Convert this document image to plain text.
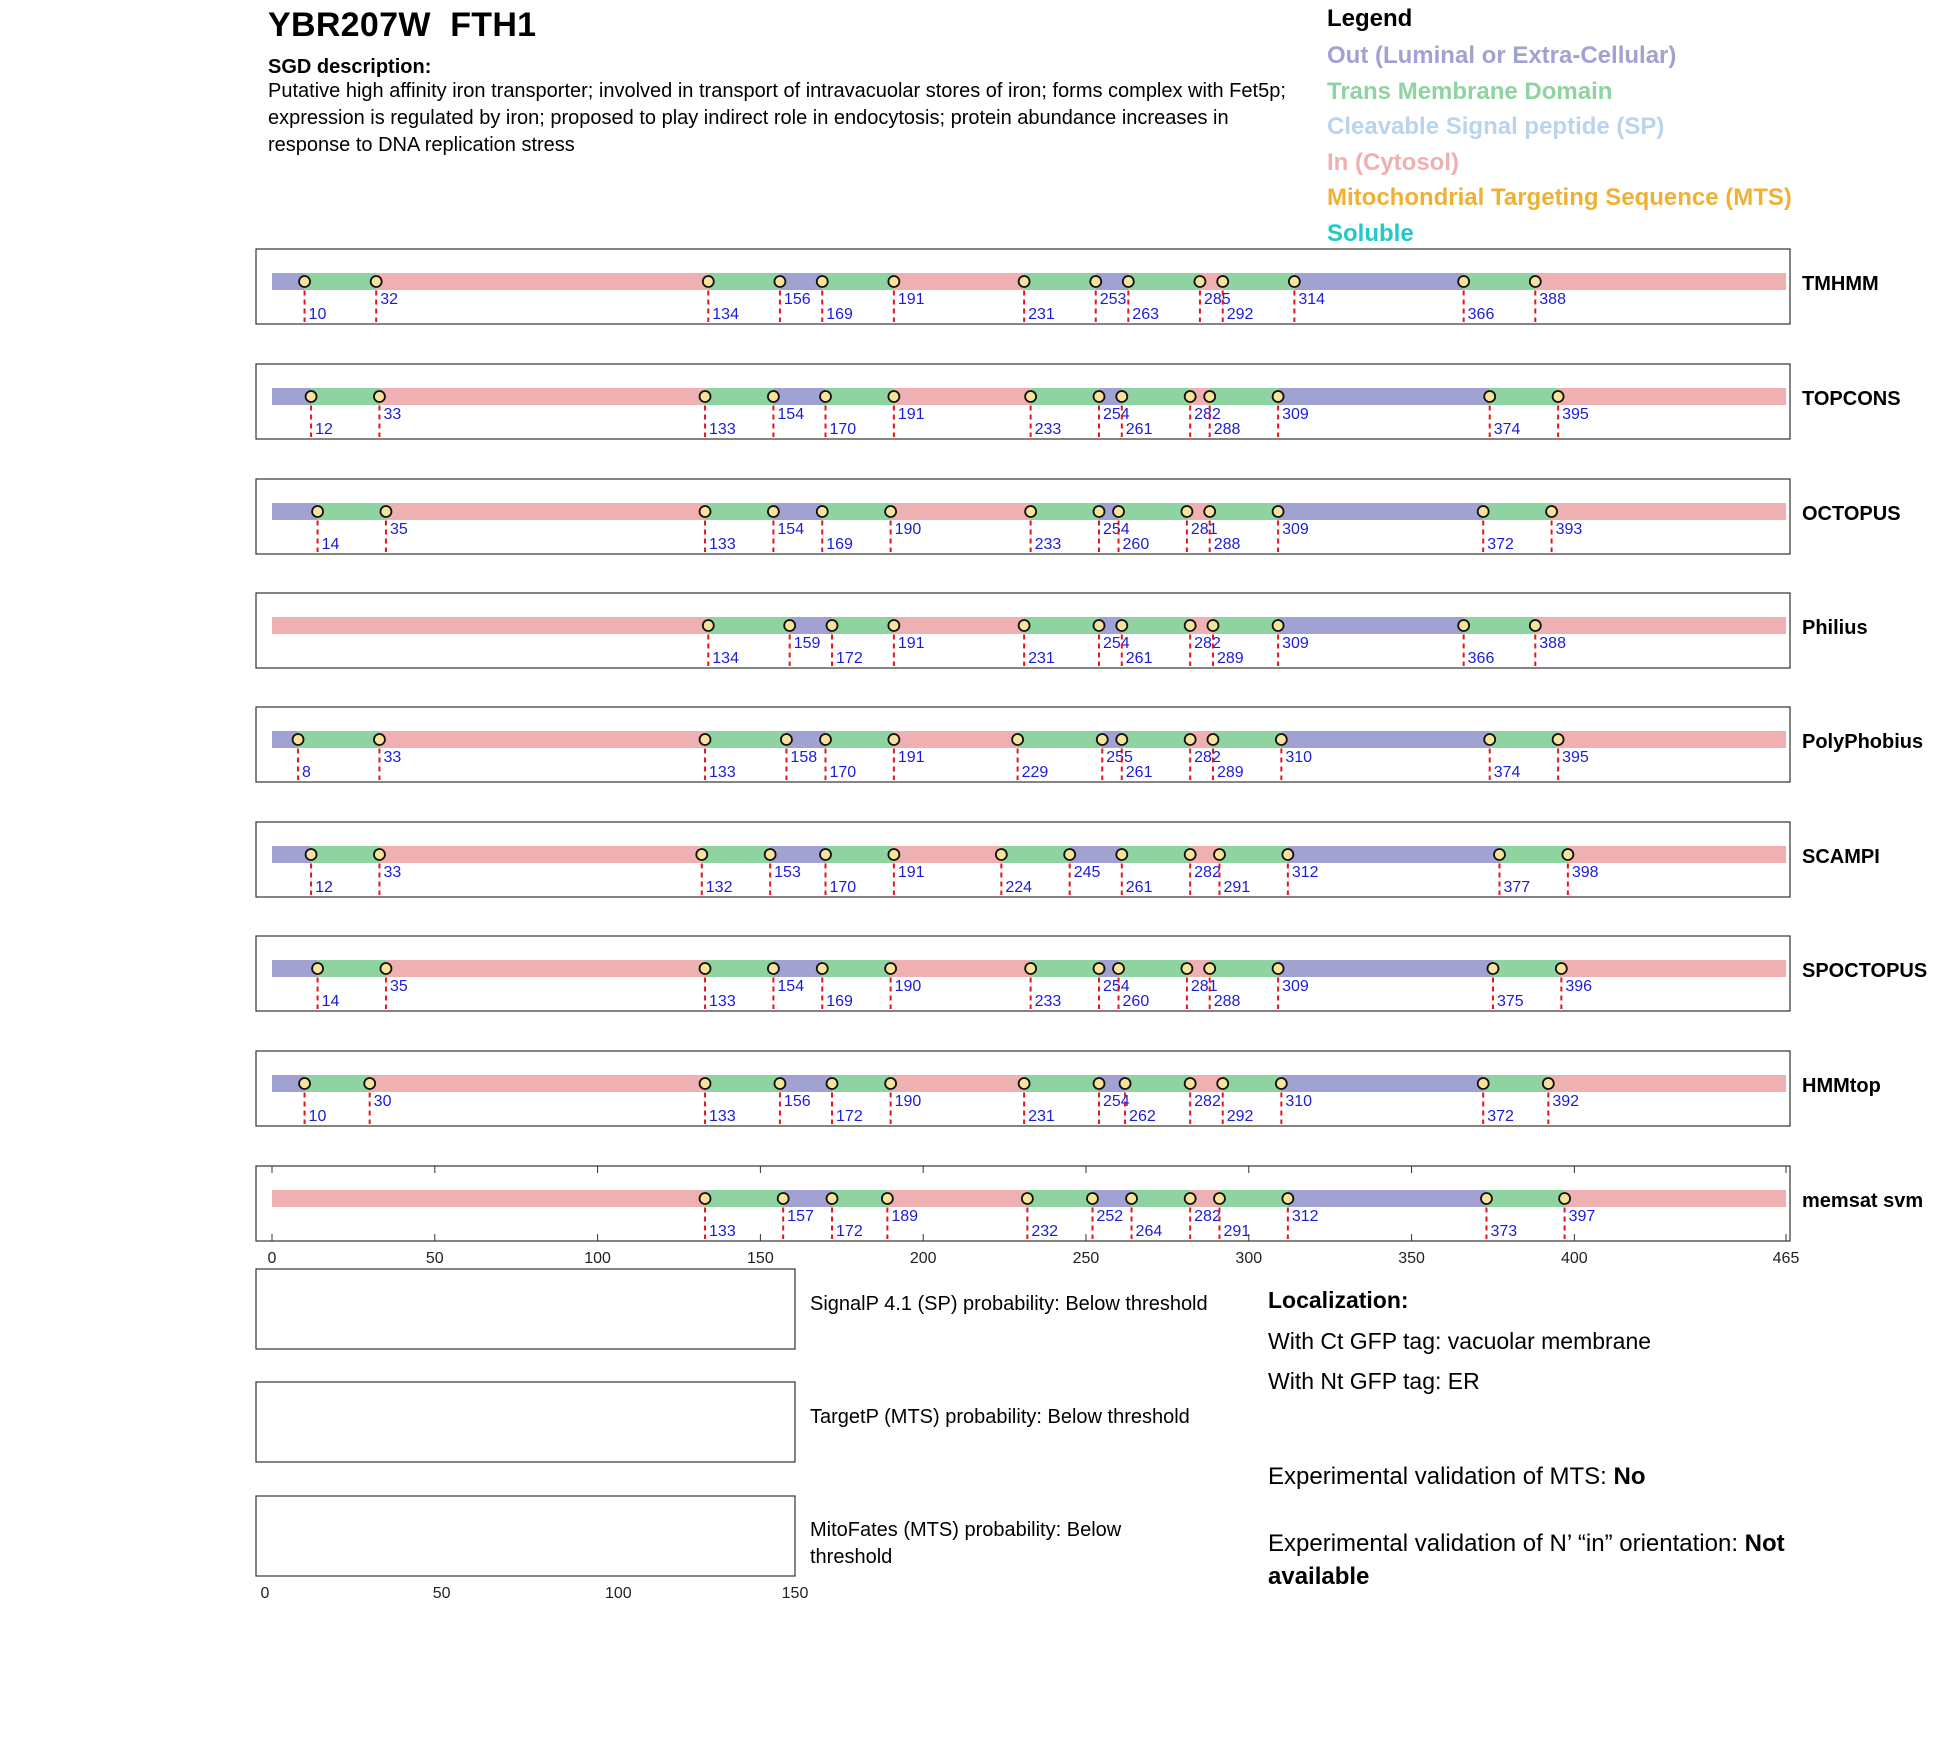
YBR207W  FTH1
SGD description:
Putative high affinity iron transporter; involved in transport of intravacuolar stores of iron; forms complex with Fet5p; expression is regulated by iron; proposed to play indirect role in endocytosis; protein abundance increases in response to DNA replication stress
Legend
Out (Luminal or Extra-Cellular)
Trans Membrane Domain
Cleavable Signal peptide (SP)
In (Cytosol)
Mitochondrial Targeting Sequence (MTS)
Soluble
10
32
134
156
169
191
231
253
263
285
292
314
366
388
TMHMM
12
33
133
154
170
191
233
254
261
282
288
309
374
395
TOPCONS
14
35
133
154
169
190
233
254
260
281
288
309
372
393
OCTOPUS
134
159
172
191
231
254
261
282
289
309
366
388
Philius
8
33
133
158
170
191
229
255
261
282
289
310
374
395
PolyPhobius
12
33
132
153
170
191
224
245
261
282
291
312
377
398
SCAMPI
14
35
133
154
169
190
233
254
260
281
288
309
375
396
SPOCTOPUS
10
30
133
156
172
190
231
254
262
282
292
310
372
392
HMMtop
133
157
172
189
232
252
264
282
291
312
373
397
memsat svm
0	50	100	150	200	250	300	350	400	465
0	50	100	150
SignalP 4.1 (SP) probability: Below threshold
TargetP (MTS) probability: Below threshold
MitoFates (MTS) probability: Below threshold
Localization:
With Ct GFP tag: vacuolar membrane
With Nt GFP tag: ER
Experimental validation of MTS: No
Experimental validation of N’ “in” orientation: Not available
